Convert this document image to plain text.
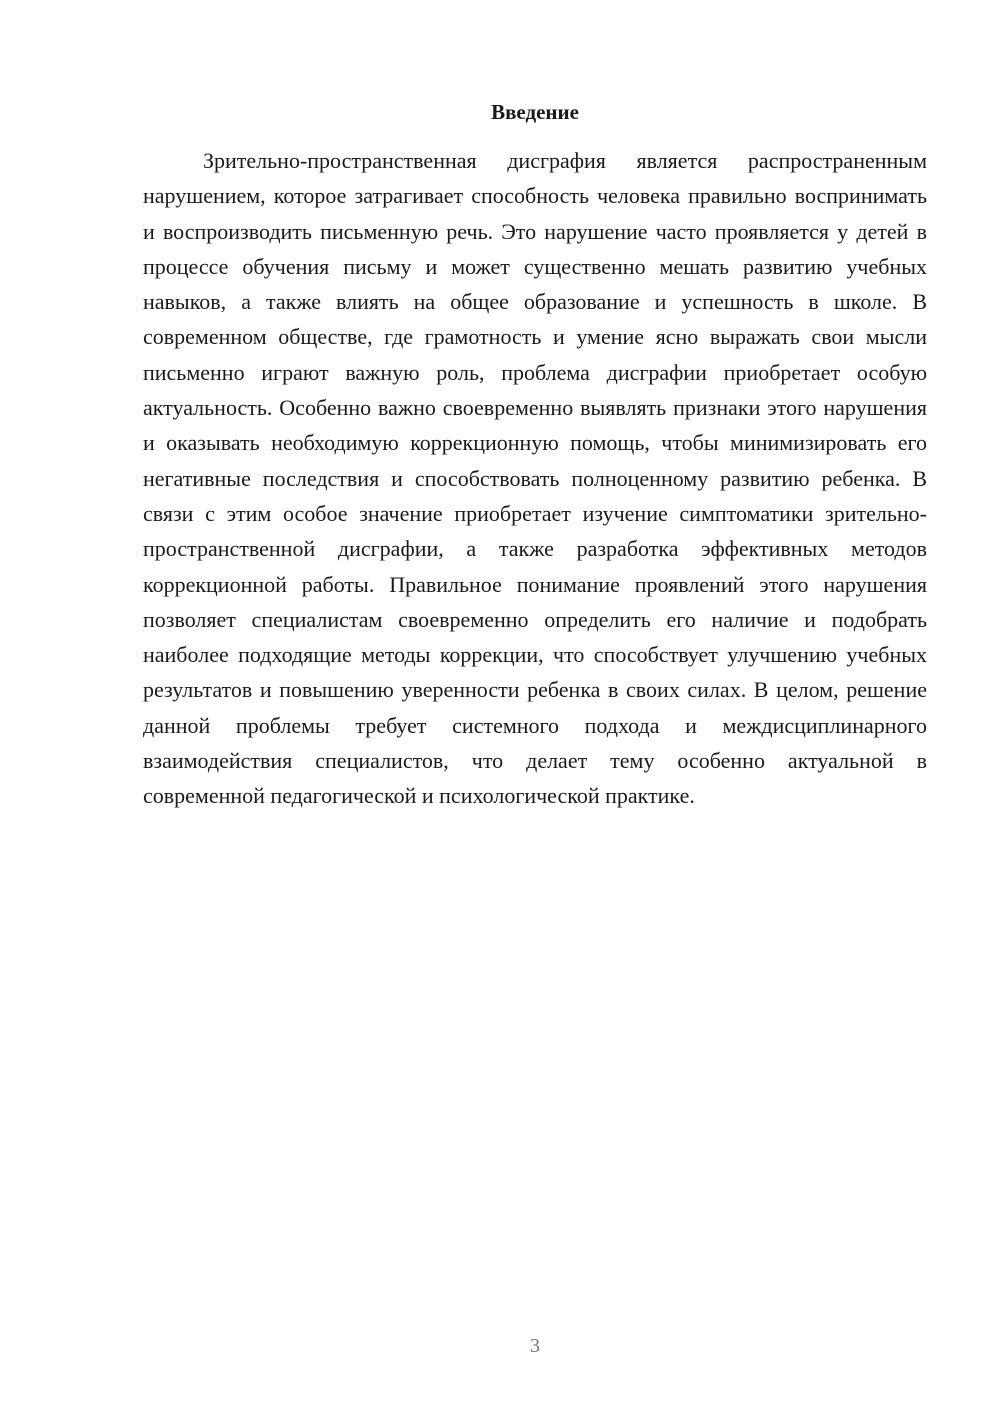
Введение

Зрительно-пространственная дисграфия является распространенным нарушением, которое затрагивает способность человека правильно воспринимать и воспроизводить письменную речь. Это нарушение часто проявляется у детей в процессе обучения письму и может существенно мешать развитию учебных навыков, а также влиять на общее образование и успешность в школе. В современном обществе, где грамотность и умение ясно выражать свои мысли письменно играют важную роль, проблема дисграфии приобретает особую актуальность. Особенно важно своевременно выявлять признаки этого нарушения и оказывать необходимую коррекционную помощь, чтобы минимизировать его негативные последствия и способствовать полноценному развитию ребенка. В связи с этим особое значение приобретает изучение симптоматики зрительно-пространственной дисграфии, а также разработка эффективных методов коррекционной работы. Правильное понимание проявлений этого нарушения позволяет специалистам своевременно определить его наличие и подобрать наиболее подходящие методы коррекции, что способствует улучшению учебных результатов и повышению уверенности ребенка в своих силах. В целом, решение данной проблемы требует системного подхода и междисциплинарного взаимодействия специалистов, что делает тему особенно актуальной в современной педагогической и психологической практике.

3
